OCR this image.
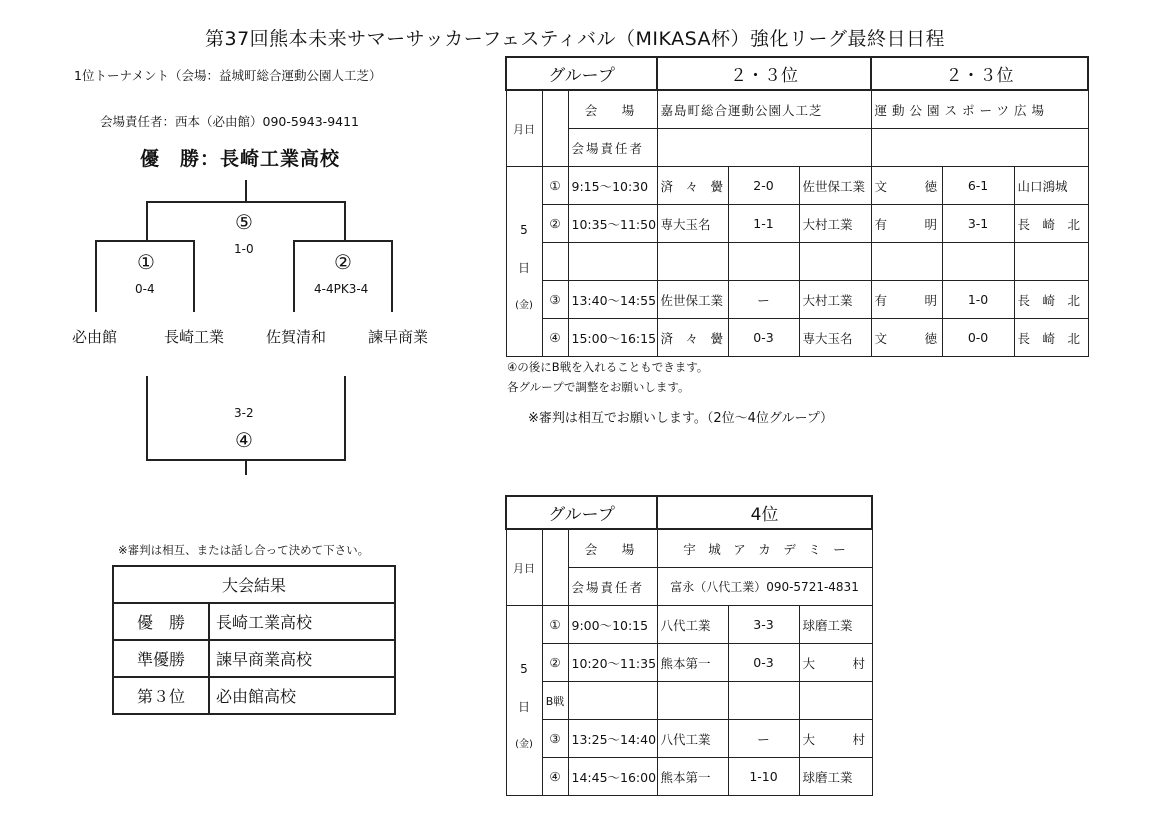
第37回熊本未来サマーサッカーフェスティバル（MIKASA杯）強化リーグ最終日日程
1位トーナメント（会場：益城町総合運動公園人工芝）
会場責任者：西本（必由館）090-5943-9411
優　勝：長崎工業高校
⑤
1-0
①
0-4
②
4-4PK3-4
必由館	長崎工業	佐賀清和	諫早商業
3-2
④
※審判は相互、または話し合って決めて下さい。
大会結果	
優　勝	長崎工業高校
準優勝	諫早商業高校
第３位	必由館高校
グループ			２・３位			２・３位		
月日		会　場	嘉島町総合運動公園人工芝			運動公園スポーツ広場		
		会場責任者						

5
日
(金)	①	9:15〜10:30	済　々　黌	2-0	佐世保工業	文　　　徳	6-1	山口鴻城
	②	10:35〜11:50	専大玉名	1-1	大村工業	有　　　明	3-1	長　崎　北

	③	13:40〜14:55	佐世保工業	ー	大村工業	有　　　明	1-0	長　崎　北
	④	15:00〜16:15	済　々　黌	0-3	専大玉名	文　　　徳	0-0	長　崎　北
④の後にB戦を入れることもできます。
各グループで調整をお願いします。
※審判は相互でお願いします。（2位〜4位グループ）
グループ			4位		
月日		会　場	宇　城　ア　カ　デ　ミ　ー		
		会場責任者	富永（八代工業）090-5721-4831		

5
日
(金)	①	9:00〜10:15	八代工業	3-3	球磨工業
	②	10:20〜11:35	熊本第一	0-3	大　　　村
	B戦				
	③	13:25〜14:40	八代工業	ー	大　　　村
	④	14:45〜16:00	熊本第一	1-10	球磨工業
